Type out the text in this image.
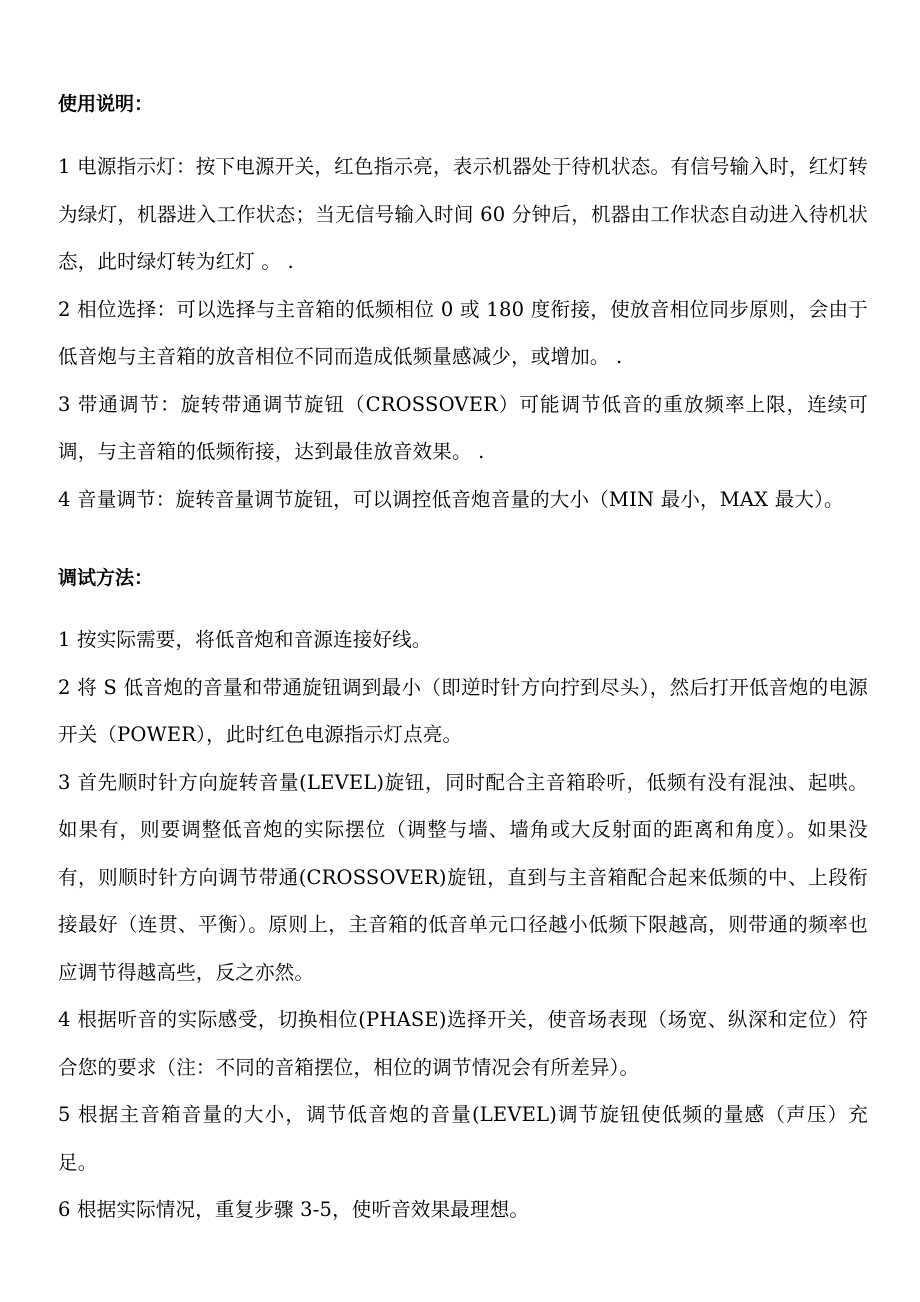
使用说明：

1 电源指示灯：按下电源开关，红色指示亮，表示机器处于待机状态。有信号输入时，红灯转为绿灯，机器进入工作状态；当无信号输入时间 60 分钟后，机器由工作状态自动进入待机状态，此时绿灯转为红灯 。 .

2 相位选择：可以选择与主音箱的低频相位 0 或 180 度衔接，使放音相位同步原则，会由于低音炮与主音箱的放音相位不同而造成低频量感减少，或增加。 .

3 带通调节：旋转带通调节旋钮（CROSSOVER）可能调节低音的重放频率上限，连续可调，与主音箱的低频衔接，达到最佳放音效果。 .

4 音量调节：旋转音量调节旋钮，可以调控低音炮音量的大小（MIN 最小，MAX 最大）。

调试方法：

1 按实际需要，将低音炮和音源连接好线。

2 将 S 低音炮的音量和带通旋钮调到最小（即逆时针方向拧到尽头），然后打开低音炮的电源开关（POWER），此时红色电源指示灯点亮。

3 首先顺时针方向旋转音量(LEVEL)旋钮，同时配合主音箱聆听，低频有没有混浊、起哄。如果有，则要调整低音炮的实际摆位（调整与墙、墙角或大反射面的距离和角度）。如果没有，则顺时针方向调节带通(CROSSOVER)旋钮，直到与主音箱配合起来低频的中、上段衔接最好（连贯、平衡）。原则上，主音箱的低音单元口径越小低频下限越高，则带通的频率也应调节得越高些，反之亦然。

4 根据听音的实际感受，切换相位(PHASE)选择开关，使音场表现（场宽、纵深和定位）符合您的要求（注：不同的音箱摆位，相位的调节情况会有所差异）。

5 根据主音箱音量的大小，调节低音炮的音量(LEVEL)调节旋钮使低频的量感（声压）充足。

6 根据实际情况，重复步骤 3-5，使听音效果最理想。
